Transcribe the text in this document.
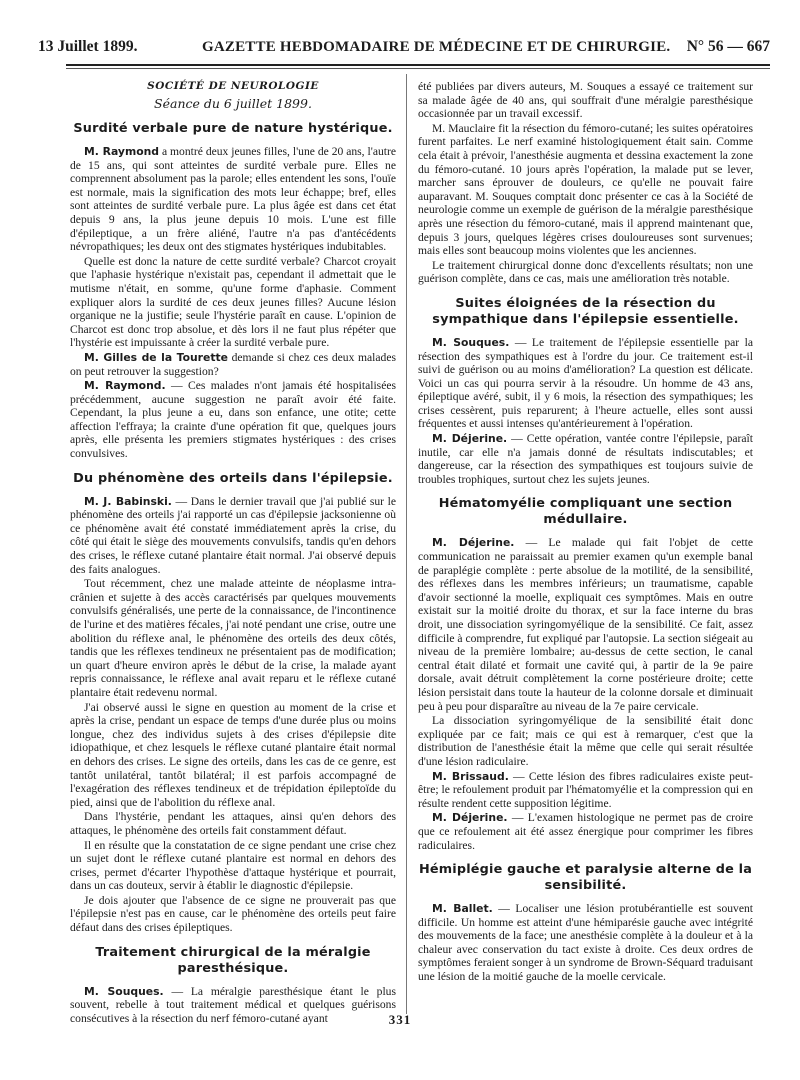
13 Juillet 1899.	GAZETTE HEBDOMADAIRE DE MÉDECINE ET DE CHIRURGIE. N° 56 — 667
SOCIÉTÉ DE NEUROLOGIE
Séance du 6 juillet 1899.
Surdité verbale pure de nature hystérique.

M. Raymond a montré deux jeunes filles, l'une de 20 ans, l'autre de 15 ans, qui sont atteintes de surdité verbale pure. Elles ne comprennent absolument pas la parole; elles entendent les sons, l'ouïe est normale, mais la signification des mots leur échappe; bref, elles sont atteintes de surdité verbale pure. La plus âgée est dans cet état depuis 9 ans, la plus jeune depuis 10 mois. L'une est fille d'épileptique, a un frère aliéné, l'autre n'a pas d'antécédents névropathiques; les deux ont des stigmates hystériques indubitables.

Quelle est donc la nature de cette surdité verbale? Charcot croyait que l'aphasie hystérique n'existait pas, cependant il admettait que le mutisme n'était, en somme, qu'une forme d'aphasie. Comment expliquer alors la surdité de ces deux jeunes filles? Aucune lésion organique ne la justifie; seule l'hystérie paraît en cause. L'opinion de Charcot est donc trop absolue, et dès lors il ne faut plus répéter que l'hystérie est impuissante à créer la surdité verbale pure.

M. Gilles de la Tourette demande si chez ces deux malades on peut retrouver la suggestion?

M. Raymond. — Ces malades n'ont jamais été hospitalisées précédemment, aucune suggestion ne paraît avoir été faite. Cependant, la plus jeune a eu, dans son enfance, une otite; cette affection l'effraya; la crainte d'une opération fit que, quelques jours après, elle présenta les premiers stigmates hystériques : des crises convulsives.

Du phénomène des orteils dans l'épilepsie.

M. J. Babinski. — Dans le dernier travail que j'ai publié sur le phénomène des orteils j'ai rapporté un cas d'épilepsie jacksonienne où ce phénomène avait été constaté immédiatement après la crise, du côté qui était le siège des mouvements convulsifs, tandis qu'en dehors des crises, le réflexe cutané plantaire était normal. J'ai observé depuis des faits analogues.

Tout récemment, chez une malade atteinte de néoplasme intra-crânien et sujette à des accès caractérisés par quelques mouvements convulsifs généralisés, une perte de la connaissance, de l'incontinence de l'urine et des matières fécales, j'ai noté pendant une crise, outre une abolition du réflexe anal, le phénomène des orteils des deux côtés, tandis que les réflexes tendineux ne présentaient pas de modification; un quart d'heure environ après le début de la crise, la malade ayant repris connaissance, le réflexe anal avait reparu et le réflexe cutané plantaire était redevenu normal.

J'ai observé aussi le signe en question au moment de la crise et après la crise, pendant un espace de temps d'une durée plus ou moins longue, chez des individus sujets à des crises d'épilepsie dite idiopathique, et chez lesquels le réflexe cutané plantaire était normal en dehors des crises. Le signe des orteils, dans les cas de ce genre, est tantôt unilatéral, tantôt bilatéral; il est parfois accompagné de l'exagération des réflexes tendineux et de trépidation épileptoïde du pied, ainsi que de l'abolition du réflexe anal.

Dans l'hystérie, pendant les attaques, ainsi qu'en dehors des attaques, le phénomène des orteils fait constamment défaut.

Il en résulte que la constatation de ce signe pendant une crise chez un sujet dont le réflexe cutané plantaire est normal en dehors des crises, permet d'écarter l'hypothèse d'attaque hystérique et pourrait, dans un cas douteux, servir à établir le diagnostic d'épilepsie.

Je dois ajouter que l'absence de ce signe ne prouverait pas que l'épilepsie n'est pas en cause, car le phénomène des orteils peut faire défaut dans des crises épileptiques.

Traitement chirurgical de la méralgie paresthésique.

M. Souques. — La méralgie paresthésique étant le plus souvent, rebelle à tout traitement médical et quelques guérisons consécutives à la résection du nerf fémoro-cutané ayant

été publiées par divers auteurs, M. Souques a essayé ce traitement sur sa malade âgée de 40 ans, qui souffrait d'une méralgie paresthésique occasionnée par un travail excessif.

M. Mauclaire fit la résection du fémoro-cutané; les suites opératoires furent parfaites. Le nerf examiné histologiquement était sain. Comme cela était à prévoir, l'anesthésie augmenta et dessina exactement la zone du fémoro-cutané. 10 jours après l'opération, la malade put se lever, marcher sans éprouver de douleurs, ce qu'elle ne pouvait faire auparavant. M. Souques comptait donc présenter ce cas à la Société de neurologie comme un exemple de guérison de la méralgie paresthésique après une résection du fémoro-cutané, mais il apprend maintenant que, depuis 3 jours, quelques légères crises douloureuses sont survenues; mais elles sont beaucoup moins violentes que les anciennes.

Le traitement chirurgical donne donc d'excellents résultats; non une guérison complète, dans ce cas, mais une amélioration très notable.

Suites éloignées de la résection du sympathique dans l'épilepsie essentielle.

M. Souques. — Le traitement de l'épilepsie essentielle par la résection des sympathiques est à l'ordre du jour. Ce traitement est-il suivi de guérison ou au moins d'amélioration? La question est délicate. Voici un cas qui pourra servir à la résoudre. Un homme de 43 ans, épileptique avéré, subit, il y 6 mois, la résection des sympathiques; les crises cessèrent, puis reparurent; à l'heure actuelle, elles sont aussi fréquentes et aussi intenses qu'antérieurement à l'opération.

M. Déjerine. — Cette opération, vantée contre l'épilepsie, paraît inutile, car elle n'a jamais donné de résultats indiscutables; et dangereuse, car la résection des sympathiques est toujours suivie de troubles trophiques, surtout chez les sujets jeunes.

Hématomyélie compliquant une section médullaire.

M. Déjerine. — Le malade qui fait l'objet de cette communication ne paraissait au premier examen qu'un exemple banal de paraplégie complète : perte absolue de la motilité, de la sensibilité, des réflexes dans les membres inférieurs; un traumatisme, capable d'avoir sectionné la moelle, expliquait ces symptômes. Mais en outre existait sur la moitié droite du thorax, et sur la face interne du bras droit, une dissociation syringomyélique de la sensibilité. Ce fait, assez difficile à comprendre, fut expliqué par l'autopsie. La section siégeait au niveau de la première lombaire; au-dessus de cette section, le canal central était dilaté et formait une cavité qui, à partir de la 9e paire dorsale, avait détruit complètement la corne postérieure droite; cette lésion persistait dans toute la hauteur de la colonne dorsale et diminuait peu à peu pour disparaître au niveau de la 7e paire cervicale.

La dissociation syringomyélique de la sensibilité était donc expliquée par ce fait; mais ce qui est à remarquer, c'est que la distribution de l'anesthésie était la même que celle qui serait résultée d'une lésion radiculaire.

M. Brissaud. — Cette lésion des fibres radiculaires existe peut-être; le refoulement produit par l'hématomyélie et la compression qui en résulte rendent cette supposition légitime.

M. Déjerine. — L'examen histologique ne permet pas de croire que ce refoulement ait été assez énergique pour comprimer les fibres radiculaires.

Hémiplégie gauche et paralysie alterne de la sensibilité.

M. Ballet. — Localiser une lésion protubérantielle est souvent difficile. Un homme est atteint d'une hémiparésie gauche avec intégrité des mouvements de la face; une anesthésie complète à la douleur et à la chaleur avec conservation du tact existe à droite. Ces deux ordres de symptômes feraient songer à un syndrome de Brown-Séquard traduisant une lésion de la moitié gauche de la moelle cervicale.

331
